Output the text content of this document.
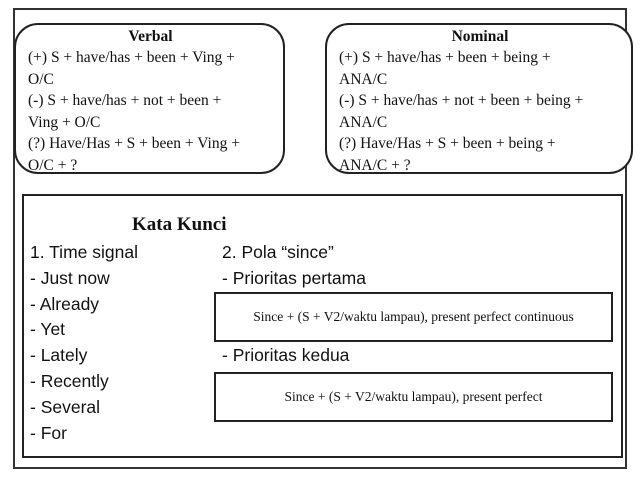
Verbal
(+) S + have/has + been + Ving +
O/C
(-) S + have/has + not + been +
Ving + O/C
(?) Have/Has + S + been + Ving +
O/C + ?
Nominal
(+) S + have/has + been + being +
ANA/C
(-) S + have/has + not + been + being +
ANA/C
(?) Have/Has + S + been + being +
ANA/C + ?
Kata Kunci
1. Time signal
- Just now
- Already
- Yet
- Lately
- Recently
- Several
- For
2. Pola “since”
- Prioritas pertama
Since + (S + V2/waktu lampau), present perfect continuous
- Prioritas kedua
Since + (S + V2/waktu lampau), present perfect
